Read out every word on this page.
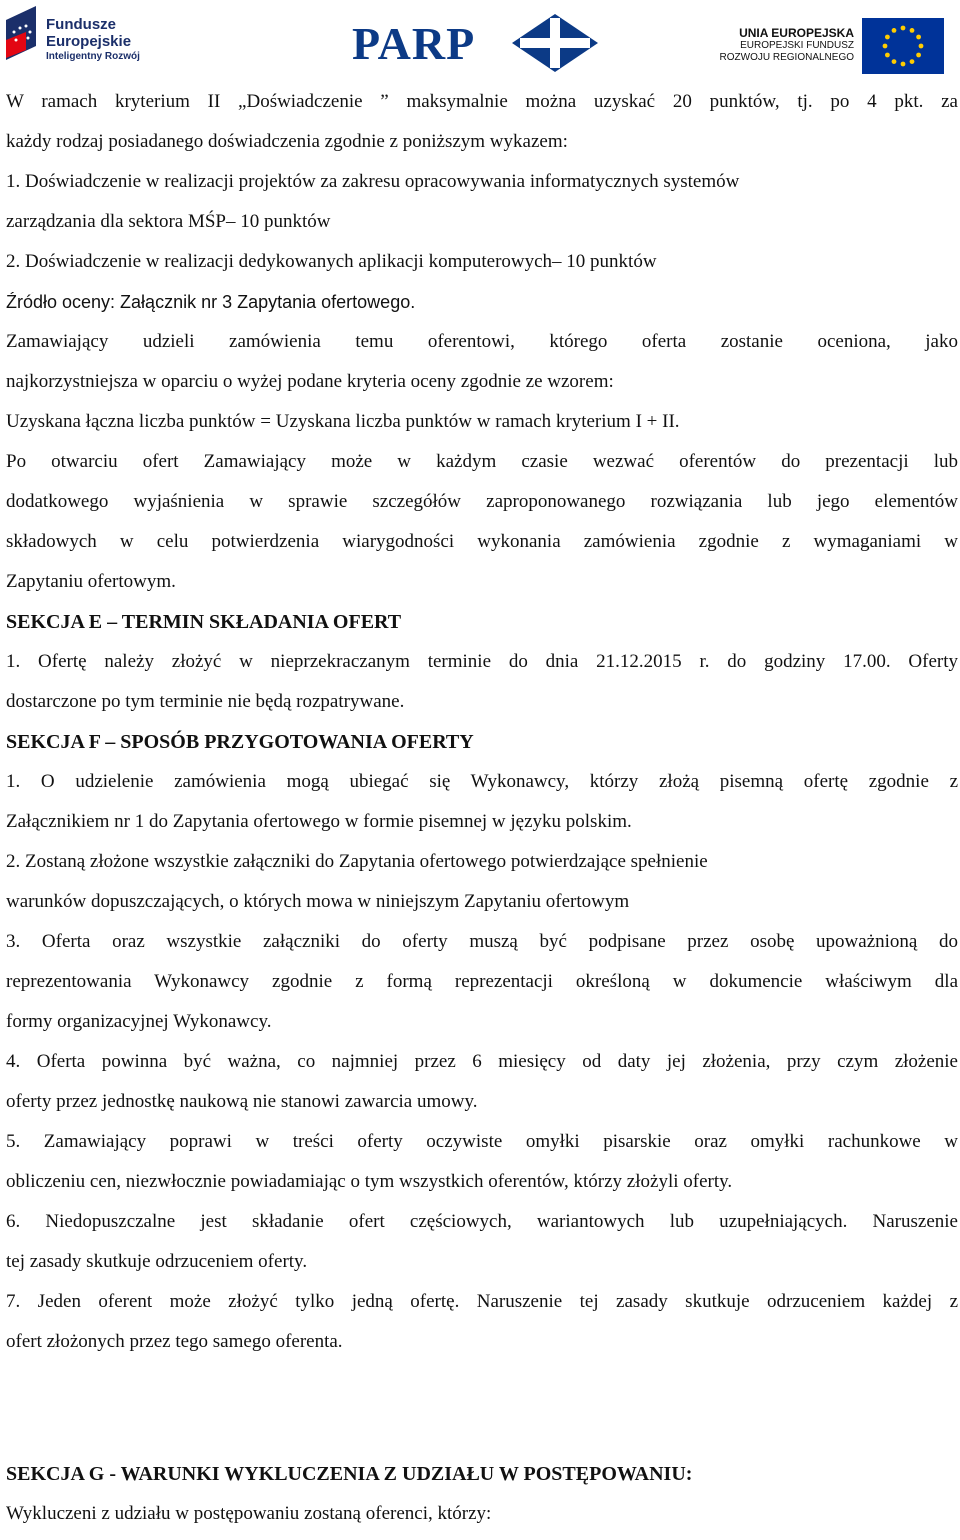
Fundusze
Europejskie
Inteligentny Rozwój	PARP	UNIA EUROPEJSKA
EUROPEJSKI FUNDUSZ
ROZWOJU REGIONALNEGO
W ramach kryterium II „Doświadczenie ” maksymalnie można uzyskać 20 punktów, tj. po 4 pkt. za
każdy rodzaj posiadanego doświadczenia zgodnie z poniższym wykazem:
1. Doświadczenie w realizacji projektów za zakresu opracowywania informatycznych systemów
zarządzania dla sektora MŚP– 10 punktów
2. Doświadczenie w realizacji dedykowanych aplikacji komputerowych– 10 punktów
Źródło oceny: Załącznik nr 3 Zapytania ofertowego.
Zamawiający udzieli zamówienia temu oferentowi, którego oferta zostanie oceniona, jako
najkorzystniejsza w oparciu o wyżej podane kryteria oceny zgodnie ze wzorem:
Uzyskana łączna liczba punktów = Uzyskana liczba punktów w ramach kryterium I + II.
Po otwarciu ofert Zamawiający może w każdym czasie wezwać oferentów do prezentacji lub
dodatkowego wyjaśnienia w sprawie szczegółów zaproponowanego rozwiązania lub jego elementów
składowych w celu potwierdzenia wiarygodności wykonania zamówienia zgodnie z wymaganiami w
Zapytaniu ofertowym.
SEKCJA E – TERMIN SKŁADANIA OFERT
1. Ofertę należy złożyć w nieprzekraczanym terminie do dnia 21.12.2015 r. do godziny 17.00. Oferty
dostarczone po tym terminie nie będą rozpatrywane.
SEKCJA F – SPOSÓB PRZYGOTOWANIA OFERTY
1. O udzielenie zamówienia mogą ubiegać się Wykonawcy, którzy złożą pisemną ofertę zgodnie z
Załącznikiem nr 1 do Zapytania ofertowego w formie pisemnej w języku polskim.
2. Zostaną złożone wszystkie załączniki do Zapytania ofertowego potwierdzające spełnienie
warunków dopuszczających, o których mowa w niniejszym Zapytaniu ofertowym
3. Oferta oraz wszystkie załączniki do oferty muszą być podpisane przez osobę upoważnioną do
reprezentowania Wykonawcy zgodnie z formą reprezentacji określoną w dokumencie właściwym dla
formy organizacyjnej Wykonawcy.
4. Oferta powinna być ważna, co najmniej przez 6 miesięcy od daty jej złożenia, przy czym złożenie
oferty przez jednostkę naukową nie stanowi zawarcia umowy.
5. Zamawiający poprawi w treści oferty oczywiste omyłki pisarskie oraz omyłki rachunkowe w
obliczeniu cen, niezwłocznie powiadamiając o tym wszystkich oferentów, którzy złożyli oferty.
6. Niedopuszczalne jest składanie ofert częściowych, wariantowych lub uzupełniających. Naruszenie
tej zasady skutkuje odrzuceniem oferty.
7. Jeden oferent może złożyć tylko jedną ofertę. Naruszenie tej zasady skutkuje odrzuceniem każdej z
ofert złożonych przez tego samego oferenta.
SEKCJA G - WARUNKI WYKLUCZENIA Z UDZIAŁU W POSTĘPOWANIU:
Wykluczeni z udziału w postępowaniu zostaną oferenci, którzy:
